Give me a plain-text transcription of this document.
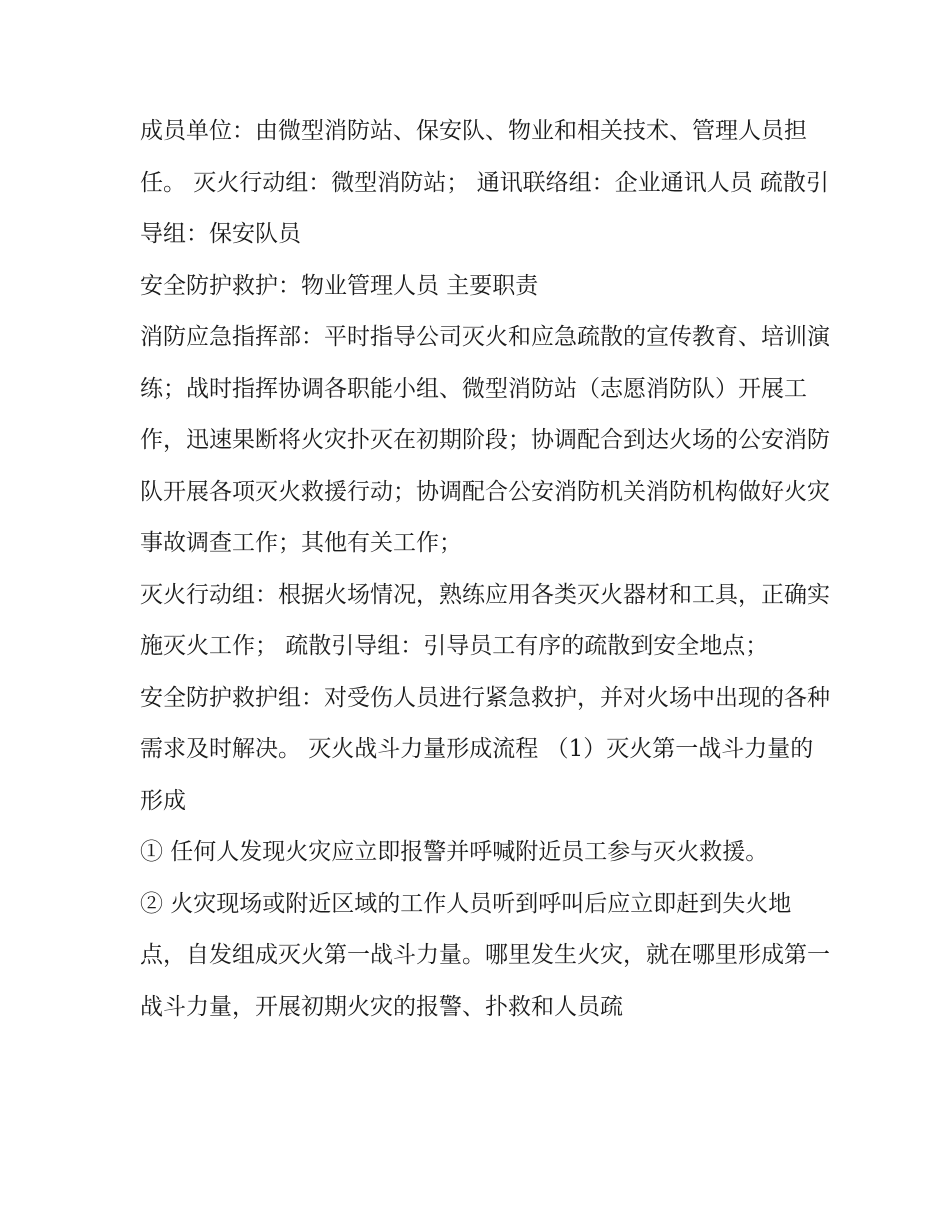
成员单位：由微型消防站、保安队、物业和相关技术、管理人员担任。 灭火行动组：微型消防站； 通讯联络组：企业通讯人员 疏散引导组：保安队员

安全防护救护：物业管理人员 主要职责

消防应急指挥部：平时指导公司灭火和应急疏散的宣传教育、培训演练；战时指挥协调各职能小组、微型消防站（志愿消防队）开展工作，迅速果断将火灾扑灭在初期阶段；协调配合到达火场的公安消防队开展各项灭火救援行动；协调配合公安消防机关消防机构做好火灾事故调查工作；其他有关工作；

灭火行动组：根据火场情况，熟练应用各类灭火器材和工具，正确实施灭火工作； 疏散引导组：引导员工有序的疏散到安全地点；

安全防护救护组：对受伤人员进行紧急救护，并对火场中出现的各种需求及时解决。 灭火战斗力量形成流程 （1）灭火第一战斗力量的形成

① 任何人发现火灾应立即报警并呼喊附近员工参与灭火救援。

② 火灾现场或附近区域的工作人员听到呼叫后应立即赶到失火地点，自发组成灭火第一战斗力量。哪里发生火灾，就在哪里形成第一战斗力量，开展初期火灾的报警、扑救和人员疏
